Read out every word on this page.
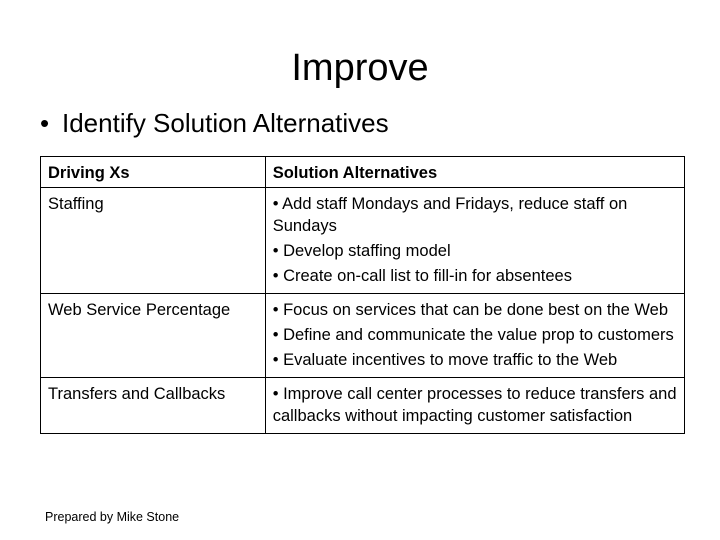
Improve
• Identify Solution Alternatives
Driving Xs	Solution Alternatives
Staffing	• Add staff Mondays and Fridays, reduce staff on Sundays
• Develop staffing model
• Create on-call list to fill-in for absentees

Web Service Percentage	• Focus on services that can be done best on the Web
• Define and communicate the value prop to customers
• Evaluate incentives to move traffic to the Web

Transfers and Callbacks	• Improve call center processes to reduce transfers and callbacks without impacting customer satisfaction
Prepared by Mike Stone
